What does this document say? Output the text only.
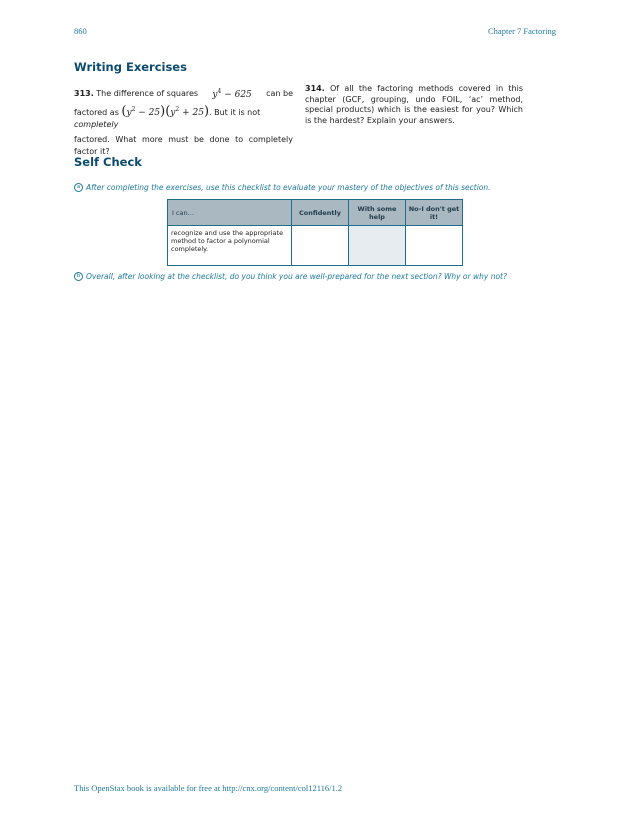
860	Chapter 7 Factoring
Writing Exercises
313. The difference of squares $y^4 - 625$ can be
factored as $(y^2 - 25)(y^2 + 25)$. But it is not completely
factored. What more must be done to completely factor it?
314. Of all the factoring methods covered in this chapter (GCF, grouping, undo FOIL, ‘ac’ method, special products) which is the easiest for you? Which is the hardest? Explain your answers.
Self Check
a After completing the exercises, use this checklist to evaluate your mastery of the objectives of this section.
I can…	Confidently	With some help	No-I don't get it!
recognize and use the appropriate method to factor a polynomial completely.			
b Overall, after looking at the checklist, do you think you are well-prepared for the next section? Why or why not?
This OpenStax book is available for free at http://cnx.org/content/col12116/1.2
